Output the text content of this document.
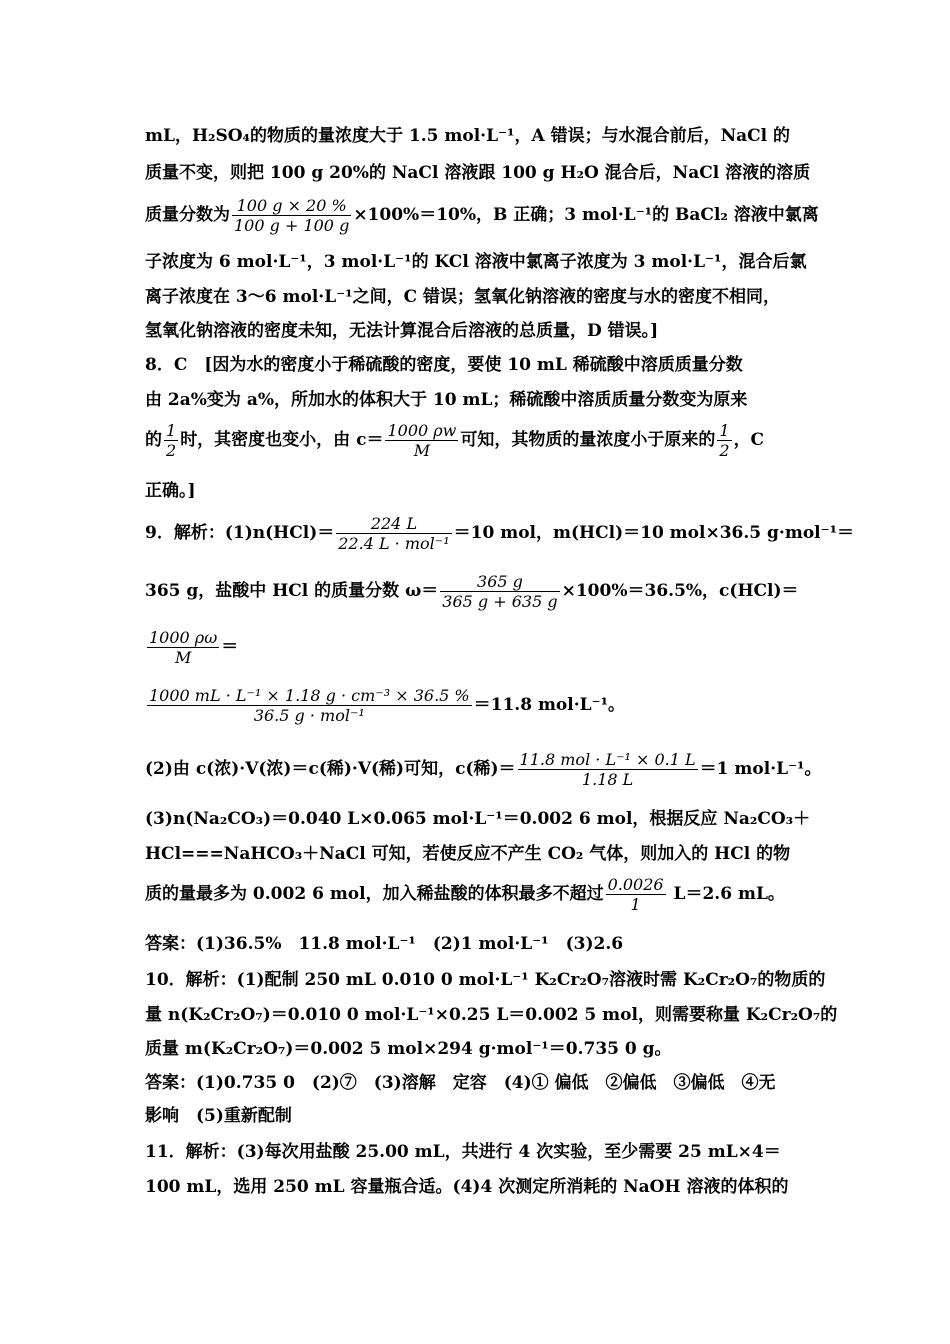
mL，H₂SO₄的物质的量浓度大于 1.5 mol·L⁻¹，A 错误；与水混合前后，NaCl 的
质量不变，则把 100 g 20%的 NaCl 溶液跟 100 g H₂O 混合后，NaCl 溶液的溶质
质量分数为 $\frac{100 g \times 20 \%}{100 g + 100 g} \times 100\%=10\%$，B 正确；3 mol·L⁻¹的 BaCl₂ 溶液中氯离
子浓度为 6 mol·L⁻¹，3 mol·L⁻¹的 KCl 溶液中氯离子浓度为 3 mol·L⁻¹，混合后氯
离子浓度在 3～6 mol·L⁻¹之间，C 错误；氢氧化钠溶液的密度与水的密度不相同，
氢氧化钠溶液的密度未知，无法计算混合后溶液的总质量，D 错误。]
8．C　[因为水的密度小于稀硫酸的密度，要使 10 mL 稀硫酸中溶质质量分数
由 2a%变为 a%，所加水的体积大于 10 mL；稀硫酸中溶质质量分数变为原来
的 $\frac{1}{2}$ 时，其密度也变小，由 $c= \frac{1000 \rho w}{M}$ 可知，其物质的量浓度小于原来的 $\frac{1}{2}$ ，C
正确。]
9．解析：$(1)n(HCl)= \frac{224 L}{\text{22.4 L · mol⁻¹}} =10$ mol，m(HCl)＝10 mol×36.5 g·mol⁻¹＝
365 g，盐酸中 HCl 的质量分数 $\omega= \frac{365 g}{365 g + 635 g} \times 100\%=36.5\%$，c(HCl)＝
$\frac{1000 \rho\omega}{M}$ ＝
$\frac{\text{1000 mL · L⁻¹ × 1.18 g · cm⁻³ × 36.5 \%}}{\text{36.5 g · mol⁻¹}} =11.8$ mol·L⁻¹。
(2)由 c(浓)·V(浓)＝c(稀)·V(稀)可知，c(稀)＝ $\frac{\text{11.8 mol · L⁻¹ × 0.1 L}}{1.18 L} =1$ mol·L⁻¹。
(3)n(Na₂CO₃)＝0.040 L×0.065 mol·L⁻¹＝0.002 6 mol，根据反应 Na₂CO₃＋
HCl===NaHCO₃＋NaCl 可知，若使反应不产生 CO₂ 气体，则加入的 HCl 的物
质的量最多为 0.002 6 mol，加入稀盐酸的体积最多不超过 $\frac{0.0026}{1} L=2.6$ mL。
答案：(1)36.5%　11.8 mol·L⁻¹　(2)1 mol·L⁻¹　(3)2.6
10．解析：(1)配制 250 mL 0.010 0 mol·L⁻¹ K₂Cr₂O₇溶液时需 K₂Cr₂O₇的物质的
量 n(K₂Cr₂O₇)＝0.010 0 mol·L⁻¹×0.25 L＝0.002 5 mol，则需要称量 K₂Cr₂O₇的
质量 m(K₂Cr₂O₇)＝0.002 5 mol×294 g·mol⁻¹＝0.735 0 g。
答案：(1)0.735 0　(2)⑦　(3)溶解　定容　(4)① 偏低　②偏低　③偏低　④无
影响　(5)重新配制
11．解析：(3)每次用盐酸 25.00 mL，共进行 4 次实验，至少需要 25 mL×4＝
100 mL，选用 250 mL 容量瓶合适。(4)4 次测定所消耗的 NaOH 溶液的体积的
